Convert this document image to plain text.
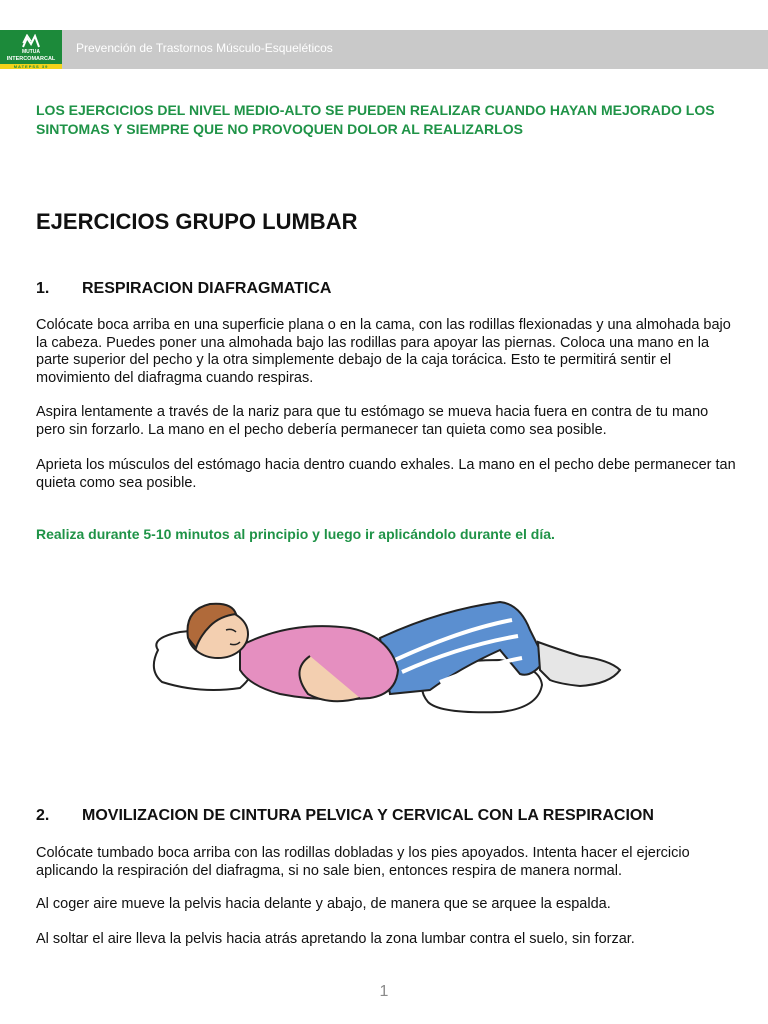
MUTUA
INTERCOMARCAL
MATEPSS 39
Prevención de Trastornos Músculo-Esqueléticos
LOS EJERCICIOS DEL NIVEL MEDIO-ALTO SE PUEDEN REALIZAR CUANDO HAYAN MEJORADO LOS SINTOMAS Y SIEMPRE QUE NO PROVOQUEN DOLOR AL REALIZARLOS
EJERCICIOS GRUPO LUMBAR
1. RESPIRACION DIAFRAGMATICA
Colócate boca arriba en una superficie plana o en la cama, con las rodillas flexionadas y una almohada bajo la cabeza. Puedes poner una almohada bajo las rodillas para apoyar las piernas. Coloca una mano en la parte superior del pecho y la otra simplemente debajo de la caja torácica. Esto te permitirá sentir el movimiento del diafragma cuando respiras.
Aspira lentamente a través de la nariz para que tu estómago se mueva hacia fuera en contra de tu mano pero sin forzarlo. La mano en el pecho debería permanecer tan quieta como sea posible.
Aprieta los músculos del estómago hacia dentro cuando exhales. La mano en el pecho debe permanecer tan quieta como sea posible.
Realiza durante 5-10 minutos al principio y luego ir aplicándolo durante el día.
2. MOVILIZACION DE CINTURA PELVICA Y CERVICAL CON LA RESPIRACION
Colócate tumbado boca arriba con las rodillas dobladas y los pies apoyados. Intenta hacer el ejercicio aplicando la respiración del diafragma, si no sale bien, entonces respira de manera normal.
Al coger aire mueve la pelvis hacia delante y abajo, de manera que se arquee la espalda.
Al soltar el aire lleva la pelvis hacia atrás apretando la zona lumbar contra el suelo, sin forzar.
1
